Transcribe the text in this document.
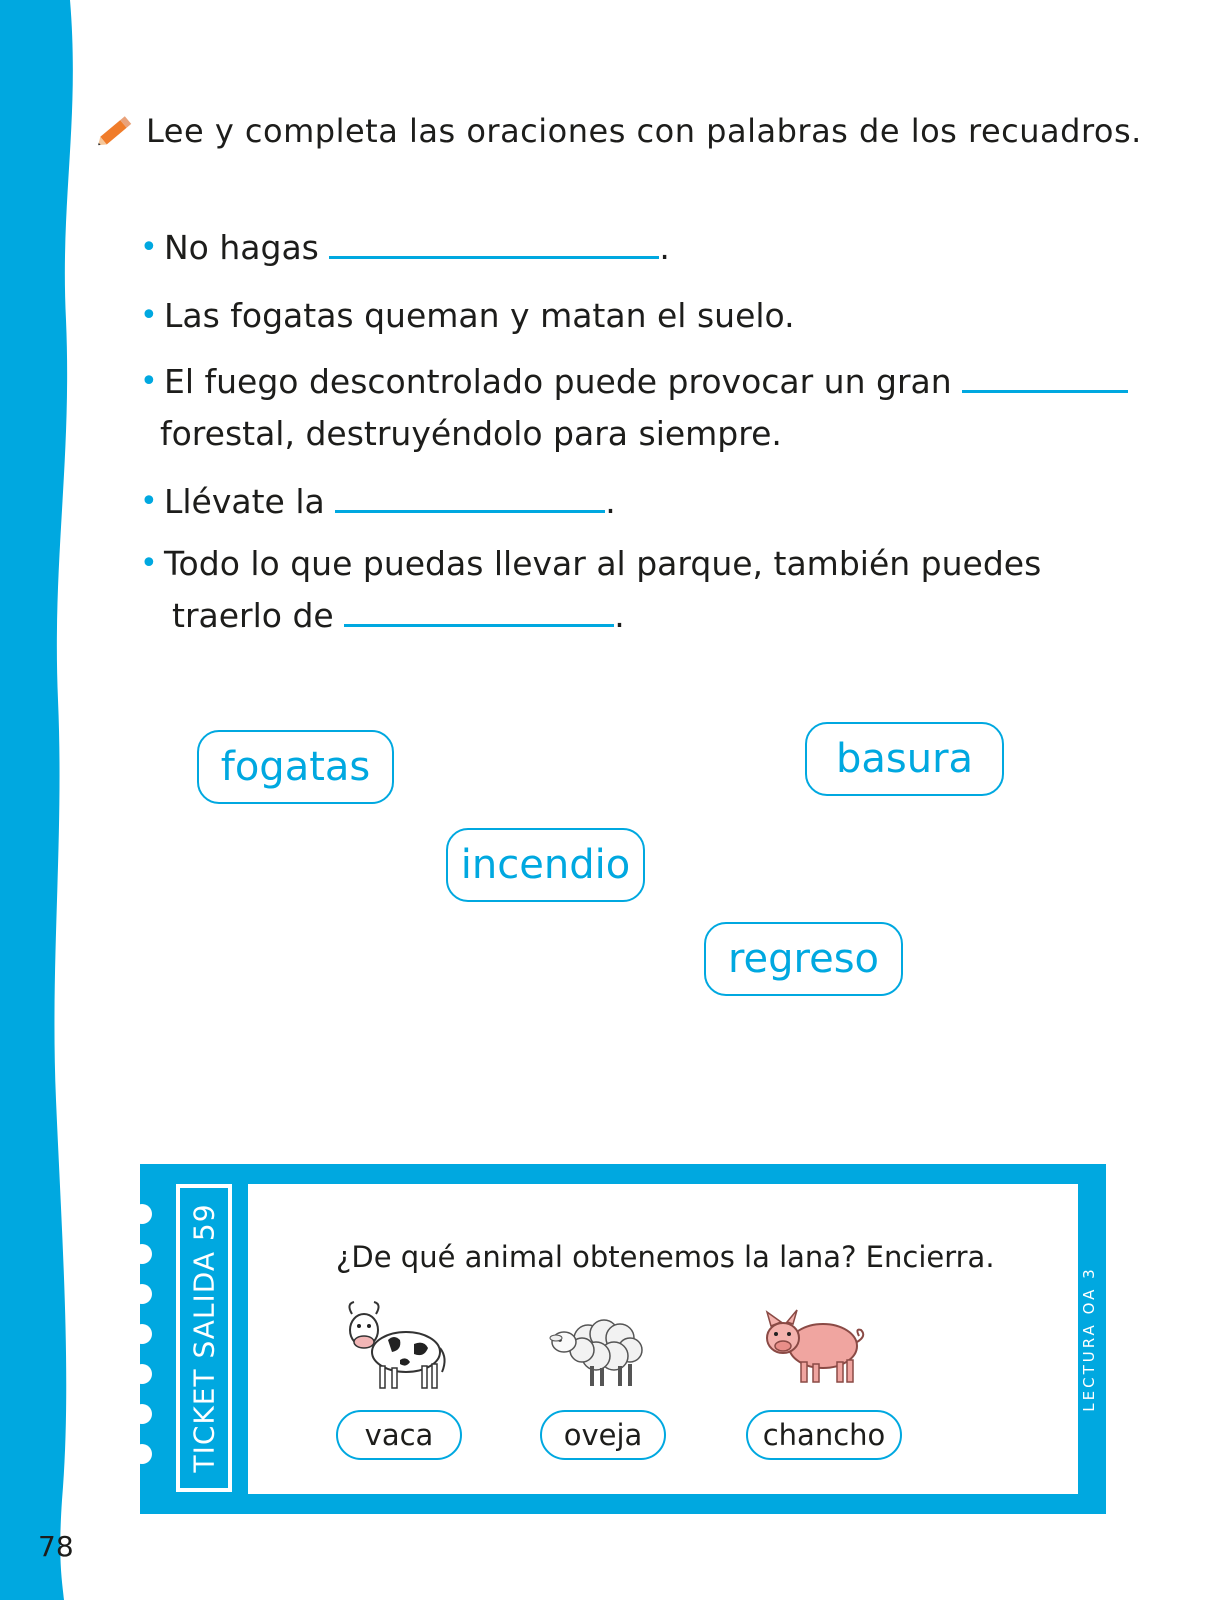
78
Lee y completa las oraciones con palabras de los recuadros.
• No hagas	.
• Las fogatas queman y matan el suelo.
• El fuego descontrolado puede provocar un gran
forestal, destruyéndolo para siempre.
• Llévate la	.
• Todo lo que puedas llevar al parque, también puedes
traerlo de	.
fogatas	basura
incendio
regreso
TICKET SALIDA 59	¿De qué animal obtenemos la lana? Encierra.
vaca	oveja	chancho
LECTURA OA 3
